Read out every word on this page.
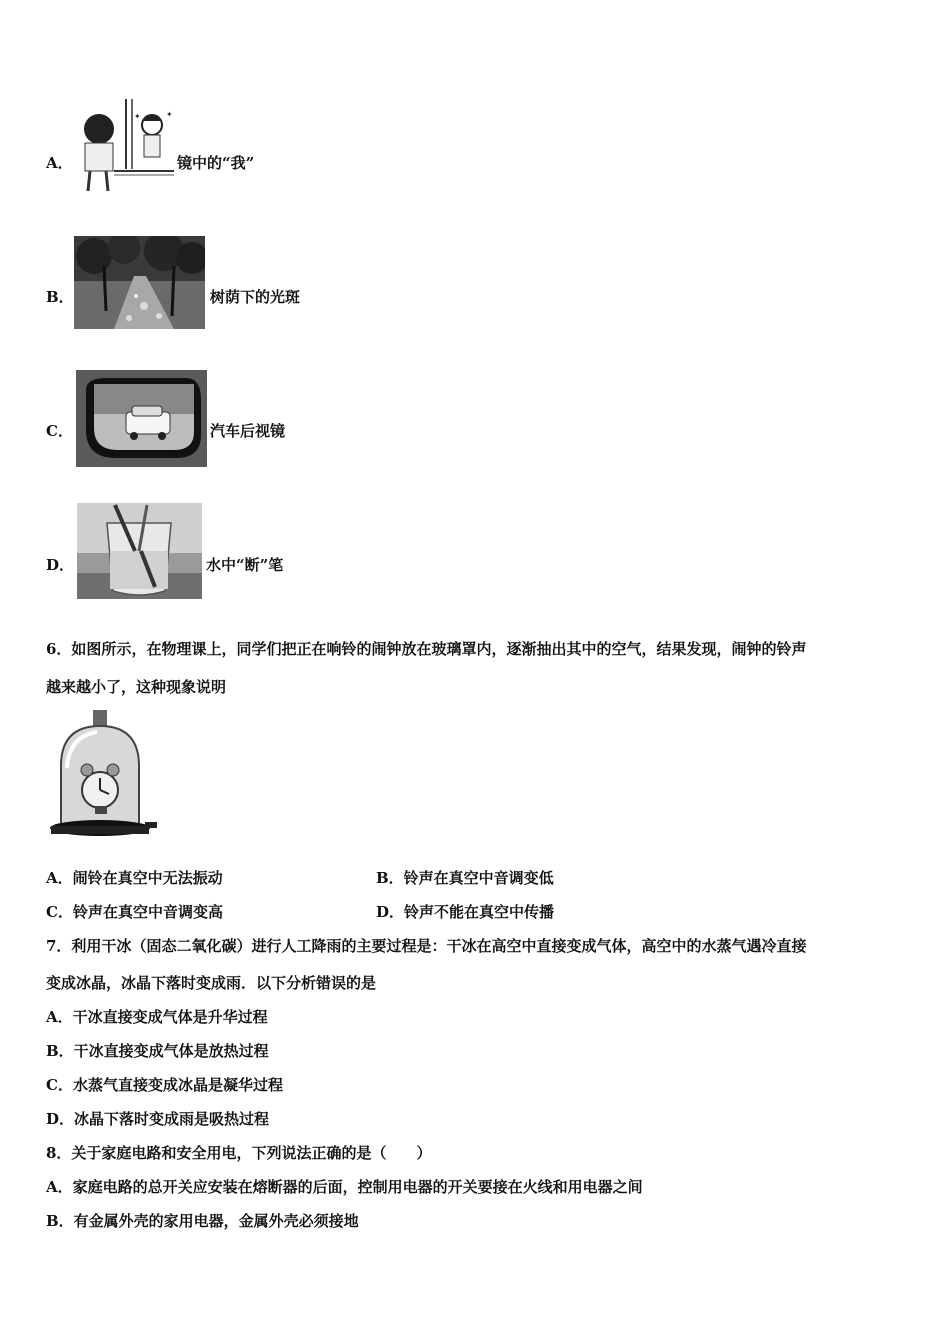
A．
✦
✦
镜中的“我”
B．	树荫下的光斑
C．	汽车后视镜
D．	水中“断”笔
6．如图所示，在物理课上，同学们把正在响铃的闹钟放在玻璃罩内，逐渐抽出其中的空气，结果发现，闹钟的铃声
越来越小了，这种现象说明
A．闹铃在真空中无法振动	B．铃声在真空中音调变低
C．铃声在真空中音调变高	D．铃声不能在真空中传播
7．利用干冰（固态二氧化碳）进行人工降雨的主要过程是：干冰在高空中直接变成气体，高空中的水蒸气遇冷直接
变成冰晶，冰晶下落时变成雨．以下分析错误的是
A．干冰直接变成气体是升华过程
B．干冰直接变成气体是放热过程
C．水蒸气直接变成冰晶是凝华过程
D．冰晶下落时变成雨是吸热过程
8．关于家庭电路和安全用电，下列说法正确的是（　　）
A．家庭电路的总开关应安装在熔断器的后面，控制用电器的开关要接在火线和用电器之间
B．有金属外壳的家用电器，金属外壳必须接地
